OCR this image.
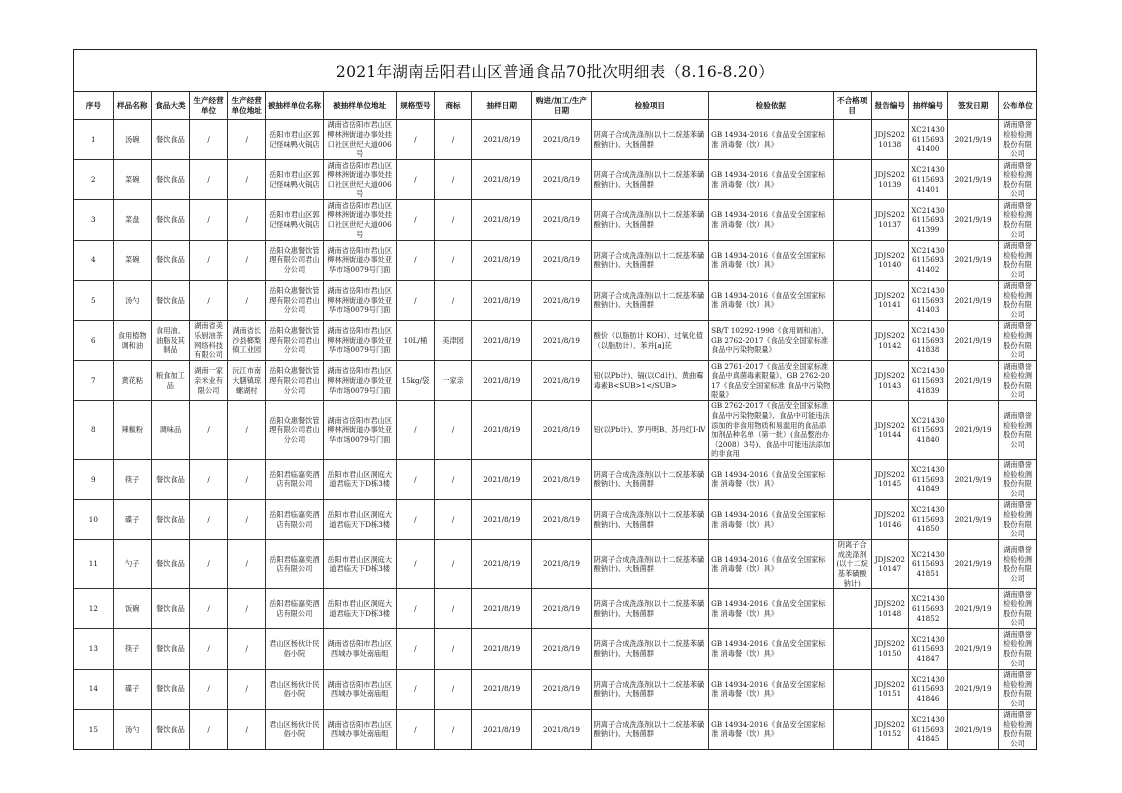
2021年湖南岳阳君山区普通食品70批次明细表（8.16-8.20）
序号	样品名称	食品大类	生产经营单位	生产经营单位地址	被抽样单位名称	被抽样单位地址	规格型号	商标	抽样日期	购进/加工/生产日期	检验项目	检验依据	不合格项目	报告编号	抽样编号	签发日期	公布单位
1	汤碗	餐饮食品	/	/	岳阳市君山区郭记怪味鸭火锅店	湖南省岳阳市君山区柳林洲街道办事处挂口社区世纪大道006号	/	/	2021/8/19	2021/8/19	阴离子合成洗涤剂(以十二烷基苯磺酸钠计)、大肠菌群	GB 14934-2016《食品安全国家标准 消毒餐（饮）具》		JDJS20210138	XC21430611569341400	2021/9/19	湖南鼎誉检验检测股份有限公司
2	菜碗	餐饮食品	/	/	岳阳市君山区郭记怪味鸭火锅店	湖南省岳阳市君山区柳林洲街道办事处挂口社区世纪大道006号	/	/	2021/8/19	2021/8/19	阴离子合成洗涤剂(以十二烷基苯磺酸钠计)、大肠菌群	GB 14934-2016《食品安全国家标准 消毒餐（饮）具》		JDJS20210139	XC21430611569341401	2021/9/19	湖南鼎誉检验检测股份有限公司
3	菜盘	餐饮食品	/	/	岳阳市君山区郭记怪味鸭火锅店	湖南省岳阳市君山区柳林洲街道办事处挂口社区世纪大道006号	/	/	2021/8/19	2021/8/19	阴离子合成洗涤剂(以十二烷基苯磺酸钠计)、大肠菌群	GB 14934-2016《食品安全国家标准 消毒餐（饮）具》		JDJS20210137	XC21430611569341399	2021/9/19	湖南鼎誉检验检测股份有限公司
4	菜碗	餐饮食品	/	/	岳阳众惠餐饮管理有限公司君山分公司	湖南省岳阳市君山区柳林洲街道办事处亚华市场0079号门面	/	/	2021/8/19	2021/8/19	阴离子合成洗涤剂(以十二烷基苯磺酸钠计)、大肠菌群	GB 14934-2016《食品安全国家标准 消毒餐（饮）具》		JDJS20210140	XC21430611569341402	2021/9/19	湖南鼎誉检验检测股份有限公司
5	汤勺	餐饮食品	/	/	岳阳众惠餐饮管理有限公司君山分公司	湖南省岳阳市君山区柳林洲街道办事处亚华市场0079号门面	/	/	2021/8/19	2021/8/19	阴离子合成洗涤剂(以十二烷基苯磺酸钠计)、大肠菌群	GB 14934-2016《食品安全国家标准 消毒餐（饮）具》		JDJS20210141	XC21430611569341403	2021/9/19	湖南鼎誉检验检测股份有限公司
6	食用植物调和油	食用油、油脂及其制品	湖南省美乐厨油茶网络科技有限公司	湖南省长沙县榔梨镇工业园	岳阳众惠餐饮管理有限公司君山分公司	湖南省岳阳市君山区柳林洲街道办事处亚华市场0079号门面	10L/桶	美津园	2021/8/19	2021/8/19	酸价（以脂肪计 KOH）、过氧化值（以脂肪计）、苯并[a]芘	SB/T 10292-1998《食用调和油》、GB 2762-2017《食品安全国家标准 食品中污染物限量》		JDJS20210142	XC21430611569341838	2021/9/19	湖南鼎誉检验检测股份有限公司
7	黄花粘	粮食加工品	湖南一家亲米业有限公司	沅江市南大膳镇琼螺湖村	岳阳众惠餐饮管理有限公司君山分公司	湖南省岳阳市君山区柳林洲街道办事处亚华市场0079号门面	15kg/袋	一家亲	2021/8/19	2021/8/19	铅(以Pb计)、镉(以Cd计)、黄曲霉毒素B<SUB>1</SUB>	GB 2761-2017《食品安全国家标准 食品中真菌毒素限量》、GB 2762-2017《食品安全国家标准 食品中污染物限量》		JDJS20210143	XC21430611569341839	2021/9/19	湖南鼎誉检验检测股份有限公司
8	辣椒粉	调味品	/	/	岳阳众惠餐饮管理有限公司君山分公司	湖南省岳阳市君山区柳林洲街道办事处亚华市场0079号门面	/	/	2021/8/19	2021/8/19	铅(以Pb计)、罗丹明B、苏丹红Ⅰ-Ⅳ	GB 2762-2017《食品安全国家标准 食品中污染物限量》、食品中可能违法添加的非食用物质和易滥用的食品添加剂品种名单（第一批）(食品整治办（2008）3号)、食品中可能违法添加的非食用		JDJS20210144	XC21430611569341840	2021/9/19	湖南鼎誉检验检测股份有限公司
9	筷子	餐饮食品	/	/	岳阳君临嘉奕酒店有限公司	岳阳市君山区洞庭大道君临天下D栋3楼	/	/	2021/8/19	2021/8/19	阴离子合成洗涤剂(以十二烷基苯磺酸钠计)、大肠菌群	GB 14934-2016《食品安全国家标准 消毒餐（饮）具》		JDJS20210145	XC21430611569341849	2021/9/19	湖南鼎誉检验检测股份有限公司
10	碟子	餐饮食品	/	/	岳阳君临嘉奕酒店有限公司	岳阳市君山区洞庭大道君临天下D栋3楼	/	/	2021/8/19	2021/8/19	阴离子合成洗涤剂(以十二烷基苯磺酸钠计)、大肠菌群	GB 14934-2016《食品安全国家标准 消毒餐（饮）具》		JDJS20210146	XC21430611569341850	2021/9/19	湖南鼎誉检验检测股份有限公司
11	勺子	餐饮食品	/	/	岳阳君临嘉奕酒店有限公司	岳阳市君山区洞庭大道君临天下D栋3楼	/	/	2021/8/19	2021/8/19	阴离子合成洗涤剂(以十二烷基苯磺酸钠计)、大肠菌群	GB 14934-2016《食品安全国家标准 消毒餐（饮）具》	阴离子合成洗涤剂(以十二烷基苯磺酸钠计)	JDJS20210147	XC21430611569341851	2021/9/19	湖南鼎誉检验检测股份有限公司
12	饭碗	餐饮食品	/	/	岳阳君临嘉奕酒店有限公司	岳阳市君山区洞庭大道君临天下D栋3楼	/	/	2021/8/19	2021/8/19	阴离子合成洗涤剂(以十二烷基苯磺酸钠计)、大肠菌群	GB 14934-2016《食品安全国家标准 消毒餐（饮）具》		JDJS20210148	XC21430611569341852	2021/9/19	湖南鼎誉检验检测股份有限公司
13	筷子	餐饮食品	/	/	君山区杨伙计民俗小院	湖南省岳阳市君山区西城办事处南庙组	/	/	2021/8/19	2021/8/19	阴离子合成洗涤剂(以十二烷基苯磺酸钠计)、大肠菌群	GB 14934-2016《食品安全国家标准 消毒餐（饮）具》		JDJS20210150	XC21430611569341847	2021/9/19	湖南鼎誉检验检测股份有限公司
14	碟子	餐饮食品	/	/	君山区杨伙计民俗小院	湖南省岳阳市君山区西城办事处南庙组	/	/	2021/8/19	2021/8/19	阴离子合成洗涤剂(以十二烷基苯磺酸钠计)、大肠菌群	GB 14934-2016《食品安全国家标准 消毒餐（饮）具》		JDJS20210151	XC21430611569341846	2021/9/19	湖南鼎誉检验检测股份有限公司
15	汤勺	餐饮食品	/	/	君山区杨伙计民俗小院	湖南省岳阳市君山区西城办事处南庙组	/	/	2021/8/19	2021/8/19	阴离子合成洗涤剂(以十二烷基苯磺酸钠计)、大肠菌群	GB 14934-2016《食品安全国家标准 消毒餐（饮）具》		JDJS20210152	XC21430611569341845	2021/9/19	湖南鼎誉检验检测股份有限公司
